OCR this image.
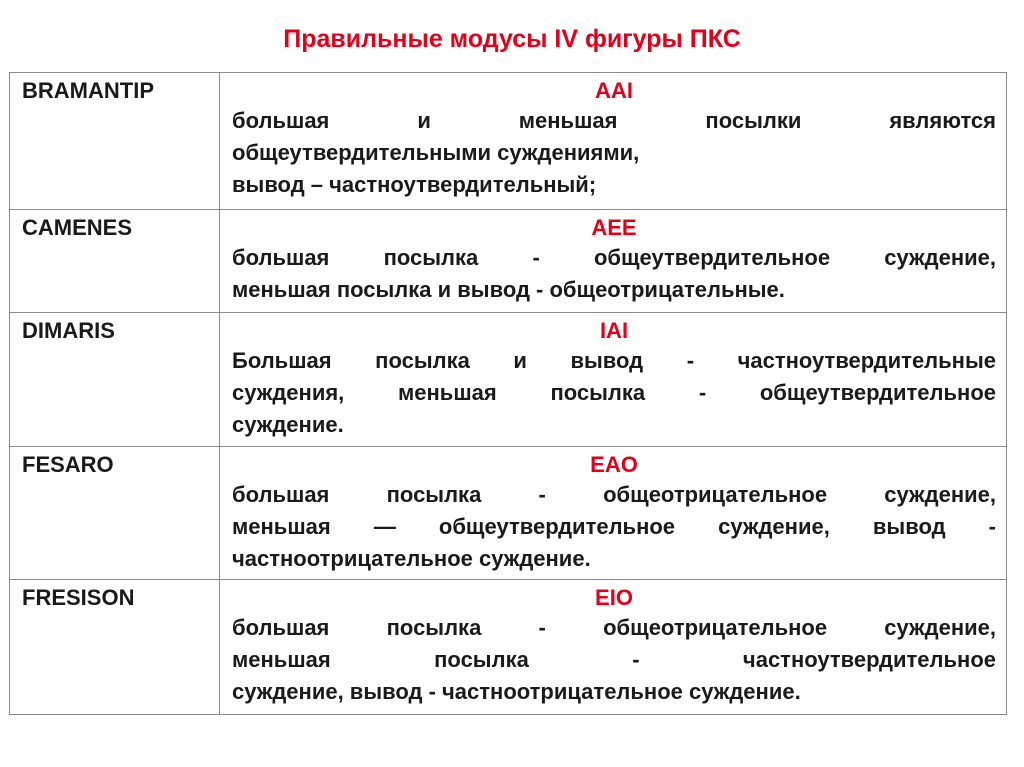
Правильные модусы IV фигуры ПКС
BRAMANTIP	AAI
большая и меньшая посылки являются
общеутвердительными суждениями,
вывод – частноутвердительный;

CAMENES	AEE
большая посылка - общеутвердительное суждение,
меньшая посылка и вывод - общеотрицательные.

DIMARIS	IAI
Большая посылка и вывод - частноутвердительные
суждения, меньшая посылка - общеутвердительное
суждение.

FESARO	EAO
большая посылка - общеотрицательное суждение,
меньшая — общеутвердительное суждение, вывод -
частноотрицательное суждение.

FRESISON	EIO
большая посылка - общеотрицательное суждение,
меньшая посылка - частноутвердительное
суждение, вывод - частноотрицательное суждение.
